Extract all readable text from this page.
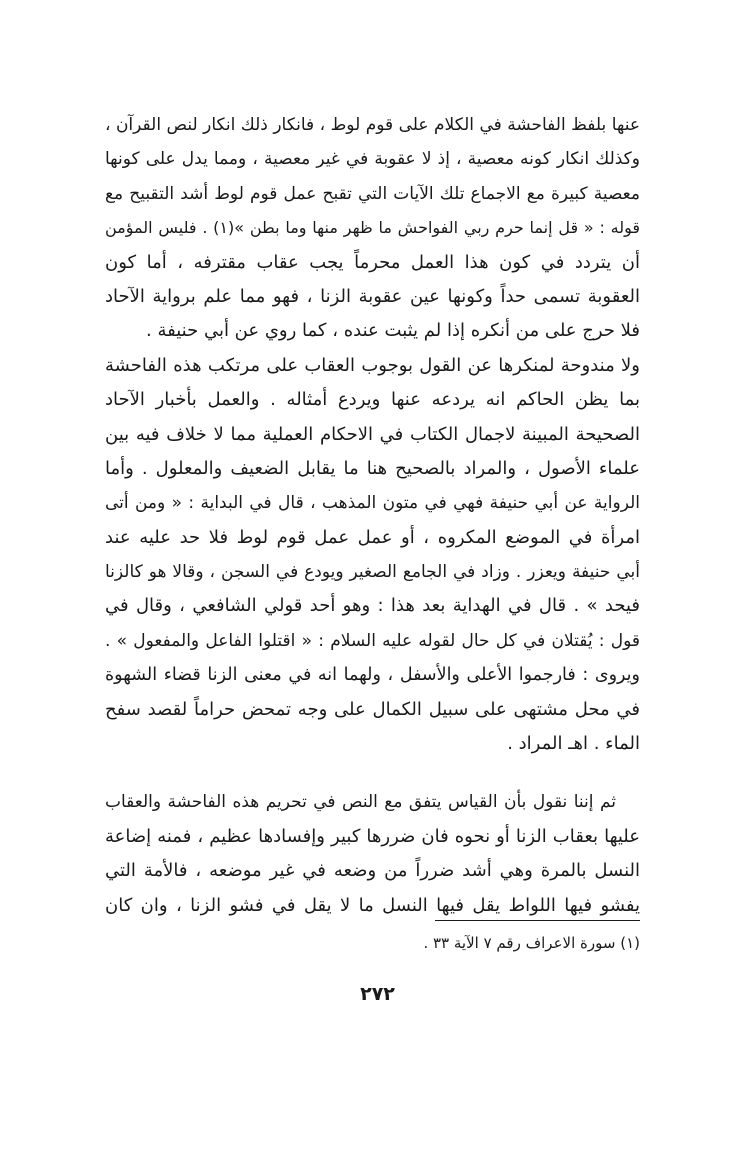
عنها بلفظ الفاحشة في الكلام على قوم لوط ، فانكار ذلك انكار لنص القرآن ،
وكذلك انكار كونه معصية ، إذ لا عقوبة في غير معصية ، ومما يدل على كونها
معصية كبيرة مع الاجماع تلك الآيات التي تقبح عمل قوم لوط أشد التقبيح مع
قوله : « قل إنما حرم ربي الفواحش ما ظهر منها وما بطن »(١) . فليس المؤمن
أن يتردد في كون هذا العمل محرماً يجب عقاب مقترفه ، أما كون
العقوبة تسمى حداً وكونها عين عقوبة الزنا ، فهو مما علم برواية الآحاد
فلا حرج على من أنكره إذا لم يثبت عنده ، كما روي عن أبي حنيفة .
ولا مندوحة لمنكرها عن القول بوجوب العقاب على مرتكب هذه الفاحشة
بما يظن الحاكم انه يردعه عنها ويردع أمثاله . والعمل بأخبار الآحاد
الصحيحة المبينة لاجمال الكتاب في الاحكام العملية مما لا خلاف فيه بين
علماء الأصول ، والمراد بالصحيح هنا ما يقابل الضعيف والمعلول . وأما
الرواية عن أبي حنيفة فهي في متون المذهب ، قال في البداية : « ومن أتى
امرأة في الموضع المكروه ، أو عمل عمل قوم لوط فلا حد عليه عند
أبي حنيفة ويعزر . وزاد في الجامع الصغير ويودع في السجن ، وقالا هو كالزنا
فيحد » . قال في الهداية بعد هذا : وهو أحد قولي الشافعي ، وقال في
قول : يُقتلان في كل حال لقوله عليه السلام : « اقتلوا الفاعل والمفعول » .
ويروى : فارجموا الأعلى والأسفل ، ولهما انه في معنى الزنا قضاء الشهوة
في محل مشتهى على سبيل الكمال على وجه تمحض حراماً لقصد سفح
الماء . اهـ المراد .
ثم إننا نقول بأن القياس يتفق مع النص في تحريم هذه الفاحشة والعقاب
عليها بعقاب الزنا أو نحوه فان ضررها كبير وإفسادها عظيم ، فمنه إضاعة
النسل بالمرة وهي أشد ضرراً من وضعه في غير موضعه ، فالأمة التي
يفشو فيها اللواط يقل فيها النسل ما لا يقل في فشو الزنا ، وان كان
(١) سورة الاعراف رقم ٧ الآية ٣٣ .
٢٧٢
